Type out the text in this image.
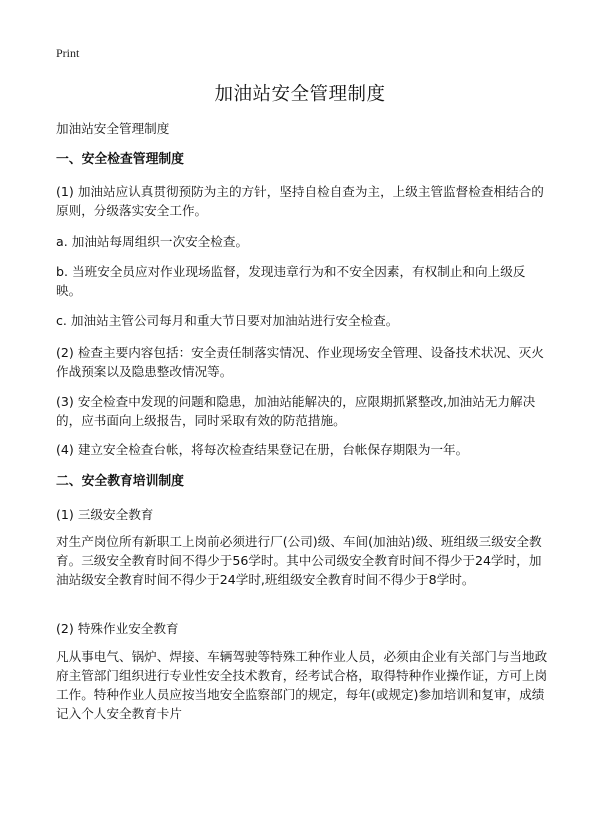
Print
加油站安全管理制度

加油站安全管理制度

一、安全检查管理制度

(1) 加油站应认真贯彻预防为主的方针，坚持自检自查为主，上级主管监督检查相结合的原则，分级落实安全工作。

a. 加油站每周组织一次安全检查。

b. 当班安全员应对作业现场监督，发现违章行为和不安全因素，有权制止和向上级反映。

c. 加油站主管公司每月和重大节日要对加油站进行安全检查。

(2) 检查主要内容包括：安全责任制落实情况、作业现场安全管理、设备技术状况、灭火作战预案以及隐患整改情况等。

(3) 安全检查中发现的问题和隐患，加油站能解决的，应限期抓紧整改,加油站无力解决的，应书面向上级报告，同时采取有效的防范措施。

(4) 建立安全检查台帐，将每次检查结果登记在册，台帐保存期限为一年。

二、安全教育培训制度

(1) 三级安全教育

对生产岗位所有新职工上岗前必须进行厂(公司)级、车间(加油站)级、班组级三级安全教育。三级安全教育时间不得少于56学时。其中公司级安全教育时间不得少于24学时，加油站级安全教育时间不得少于24学时,班组级安全教育时间不得少于8学时。

(2) 特殊作业安全教育

凡从事电气、锅炉、焊接、车辆驾驶等特殊工种作业人员，必须由企业有关部门与当地政府主管部门组织进行专业性安全技术教育，经考试合格，取得特种作业操作证，方可上岗工作。特种作业人员应按当地安全监察部门的规定，每年(或规定)参加培训和复审，成绩记入个人安全教育卡片
